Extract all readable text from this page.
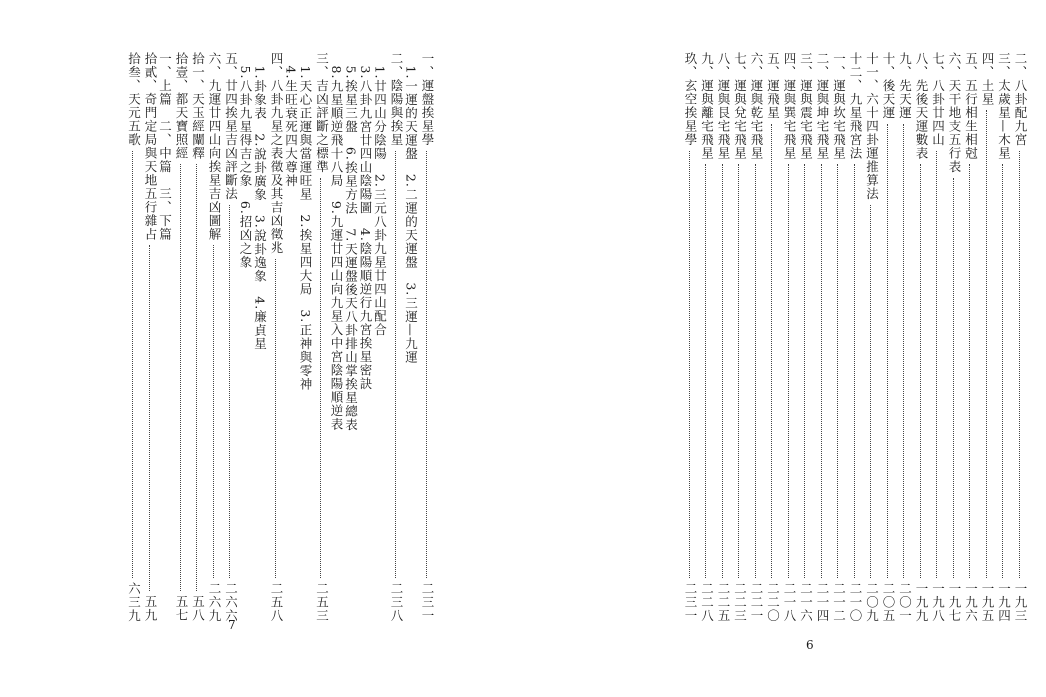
一、運盤挨星學
二三一
　1.一運的天運盤　2.二運的天運盤　3.三運—九運
二、陰陽與挨星
二三八
　1.廿四山分陰陽　2.三元八卦九星廿四山配合
　3.八卦九宮廿四山陰陽圖　4.陰陽順逆行九宮挨星密訣
　5.挨星三盤　6.挨星方法　7.天運盤後天八卦排山掌挨星總表
　8.九星順逆飛十八局　9.九運廿四山向九星入中宮陰陽順逆表
三、吉凶評斷之標準
二五三
　1.天心正運與當運旺星　2.挨星四大局　3.正神與零神
　4.生旺衰死四大尊神
四、八卦九星之表徵及其吉凶徵兆
二五八
　1.卦象表　2.說卦廣象　3.說卦逸象　4.廉貞星
　5.八卦九星得吉之象　6.招凶之象
五、廿四挨星吉凶評斷法
二六六
六、九運廿四山向挨星吉凶圖解
二六九
拾一、天玉經闡釋
五八
拾壹、都天寶照經
五七
一、上篇　二、中篇　三、下篇
拾貳、奇門定局與天地五行雜占
五九
拾叁、天元五歌
六三九
7
二、八卦配九宮
一九三
三、太歲星—木星
一九四
四、土星
一九五
五、五行相生相尅
一九六
六、天干地支五行表
一九七
七、八卦廿四山
一九八
八、先後天運數表
一九九
九、先天運
二〇一
十、後天運
二〇五
十一、六十四卦運推算法
二〇九
十二、九星飛宮法
二一〇
一、運與坎宅飛星
二一二
二、運與坤宅飛星
二一四
三、運與震宅飛星
二一六
四、運與巽宅飛星
二一八
五、運飛星
二二〇
六、運與乾宅飛星
二二一
七、運與兌宅飛星
二二三
八、運與艮宅飛星
二二五
九、運與離宅飛星
二二八
玖、玄空挨星學
二三一
6
